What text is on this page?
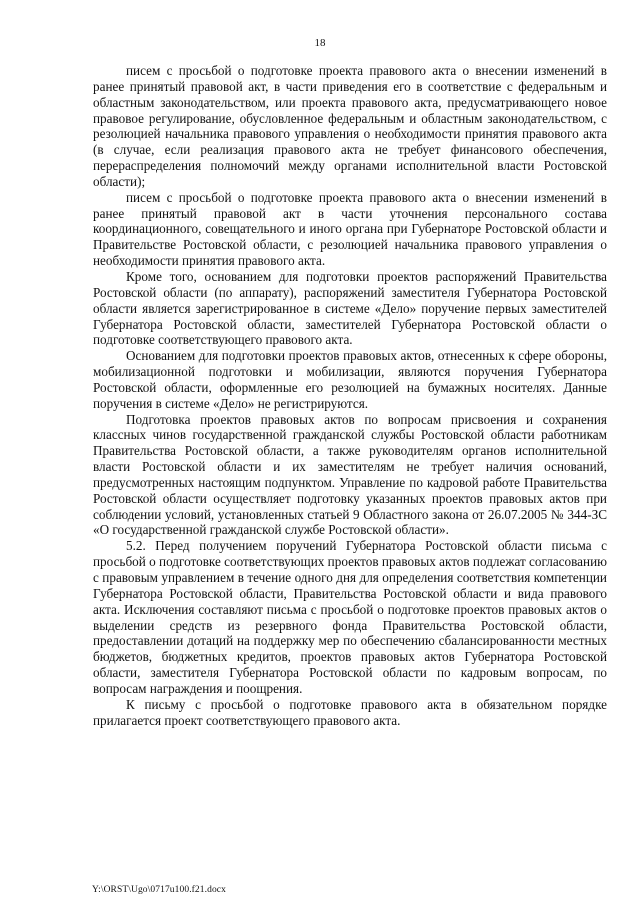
18

писем с просьбой о подготовке проекта правового акта о внесении изменений в ранее принятый правовой акт, в части приведения его в соответствие с федеральным и областным законодательством, или проекта правового акта, предусматривающего новое правовое регулирование, обусловленное федеральным и областным законодательством, с резолюцией начальника правового управления о необходимости принятия правового акта (в случае, если реализация правового акта не требует финансового обеспечения, перераспределения полномочий между органами исполнительной власти Ростовской области);

писем с просьбой о подготовке проекта правового акта о внесении изменений в ранее принятый правовой акт в части уточнения персонального состава координационного, совещательного и иного органа при Губернаторе Ростовской области и Правительстве Ростовской области, с резолюцией начальника правового управления о необходимости принятия правового акта.

Кроме того, основанием для подготовки проектов распоряжений Правительства Ростовской области (по аппарату), распоряжений заместителя Губернатора Ростовской области является зарегистрированное в системе «Дело» поручение первых заместителей Губернатора Ростовской области, заместителей Губернатора Ростовской области о подготовке соответствующего правового акта.

Основанием для подготовки проектов правовых актов, отнесенных к сфере обороны, мобилизационной подготовки и мобилизации, являются поручения Губернатора Ростовской области, оформленные его резолюцией на бумажных носителях. Данные поручения в системе «Дело» не регистрируются.

Подготовка проектов правовых актов по вопросам присвоения и сохранения классных чинов государственной гражданской службы Ростовской области работникам Правительства Ростовской области, а также руководителям органов исполнительной власти Ростовской области и их заместителям не требует наличия оснований, предусмотренных настоящим подпунктом. Управление по кадровой работе Правительства Ростовской области осуществляет подготовку указанных проектов правовых актов при соблюдении условий, установленных статьей 9 Областного закона от 26.07.2005 № 344-ЗС «О государственной гражданской службе Ростовской области».

5.2. Перед получением поручений Губернатора Ростовской области письма с просьбой о подготовке соответствующих проектов правовых актов подлежат согласованию с правовым управлением в течение одного дня для определения соответствия компетенции Губернатора Ростовской области, Правительства Ростовской области и вида правового акта. Исключения составляют письма с просьбой о подготовке проектов правовых актов о выделении средств из резервного фонда Правительства Ростовской области, предоставлении дотаций на поддержку мер по обеспечению сбалансированности местных бюджетов, бюджетных кредитов, проектов правовых актов Губернатора Ростовской области, заместителя Губернатора Ростовской области по кадровым вопросам, по вопросам награждения и поощрения.

К письму с просьбой о подготовке правового акта в обязательном порядке прилагается проект соответствующего правового акта.

Y:\ORST\Ugo\0717u100.f21.docx
